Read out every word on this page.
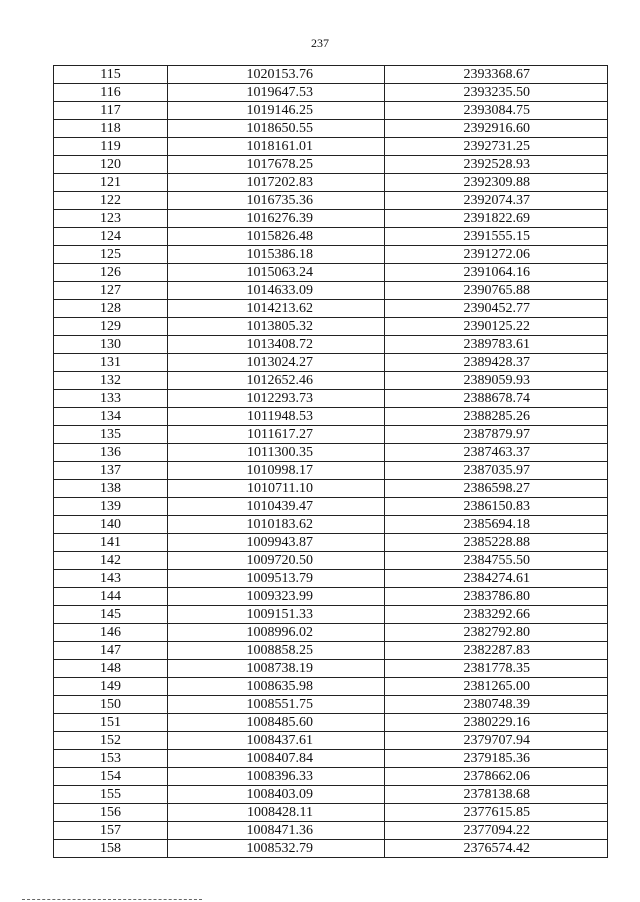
237
115	1020153.76	2393368.67
116	1019647.53	2393235.50
117	1019146.25	2393084.75
118	1018650.55	2392916.60
119	1018161.01	2392731.25
120	1017678.25	2392528.93
121	1017202.83	2392309.88
122	1016735.36	2392074.37
123	1016276.39	2391822.69
124	1015826.48	2391555.15
125	1015386.18	2391272.06
126	1015063.24	2391064.16
127	1014633.09	2390765.88
128	1014213.62	2390452.77
129	1013805.32	2390125.22
130	1013408.72	2389783.61
131	1013024.27	2389428.37
132	1012652.46	2389059.93
133	1012293.73	2388678.74
134	1011948.53	2388285.26
135	1011617.27	2387879.97
136	1011300.35	2387463.37
137	1010998.17	2387035.97
138	1010711.10	2386598.27
139	1010439.47	2386150.83
140	1010183.62	2385694.18
141	1009943.87	2385228.88
142	1009720.50	2384755.50
143	1009513.79	2384274.61
144	1009323.99	2383786.80
145	1009151.33	2383292.66
146	1008996.02	2382792.80
147	1008858.25	2382287.83
148	1008738.19	2381778.35
149	1008635.98	2381265.00
150	1008551.75	2380748.39
151	1008485.60	2380229.16
152	1008437.61	2379707.94
153	1008407.84	2379185.36
154	1008396.33	2378662.06
155	1008403.09	2378138.68
156	1008428.11	2377615.85
157	1008471.36	2377094.22
158	1008532.79	2376574.42
